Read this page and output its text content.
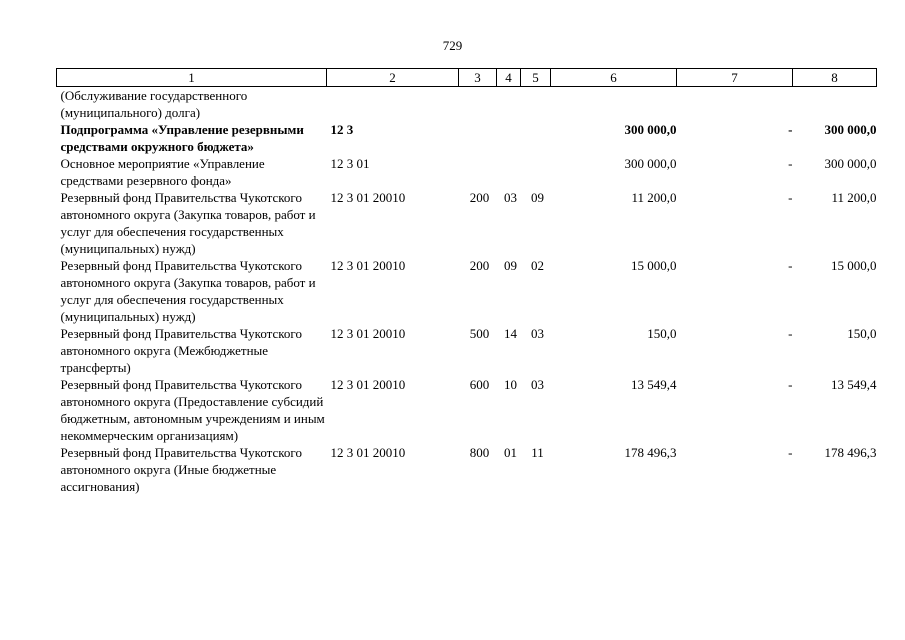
729
1	2	3	4	5	6	7	8
(Обслуживание государственного (муниципального) долга)							
Подпрограмма «Управление резервными средствами окружного бюджета»	12 3				300 000,0	-	300 000,0
Основное мероприятие «Управление средствами резервного фонда»	12 3 01				300 000,0	-	300 000,0
Резервный фонд Правительства Чукотского автономного округа (Закупка товаров, работ и услуг для обеспечения государственных (муниципальных) нужд)	12 3 01 20010	200	03	09	11 200,0	-	11 200,0
Резервный фонд Правительства Чукотского автономного округа (Закупка товаров, работ и услуг для обеспечения государственных (муниципальных) нужд)	12 3 01 20010	200	09	02	15 000,0	-	15 000,0
Резервный фонд Правительства Чукотского автономного округа (Межбюджетные трансферты)	12 3 01 20010	500	14	03	150,0	-	150,0
Резервный фонд Правительства Чукотского автономного округа (Предоставление субсидий бюджетным, автономным учреждениям и иным некоммерческим организациям)	12 3 01 20010	600	10	03	13 549,4	-	13 549,4
Резервный фонд Правительства Чукотского автономного округа (Иные бюджетные ассигнования)	12 3 01 20010	800	01	11	178 496,3	-	178 496,3
